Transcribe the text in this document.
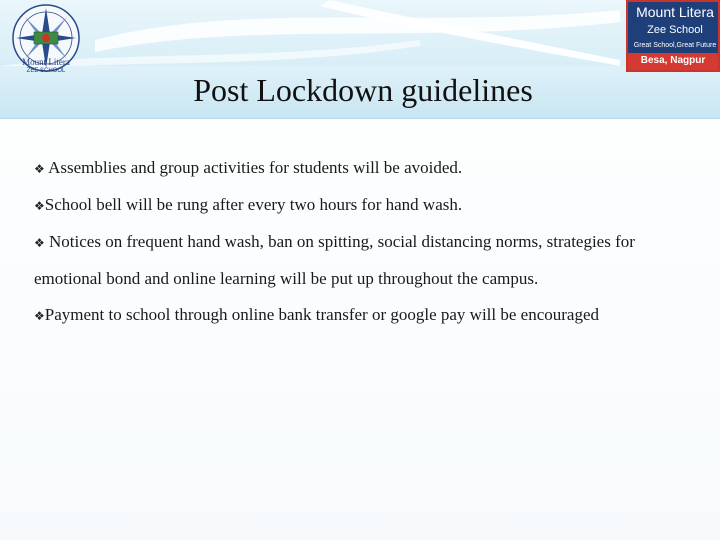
Mount Litera
ZEE SCHOOL
Mount Litera
Zee School
Great School,Great Future
Besa, Nagpur
Post Lockdown guidelines

❖ Assemblies and group activities for students will be avoided.

❖School bell will be rung after every two hours for hand wash.

❖ Notices on frequent hand wash, ban on spitting, social distancing norms, strategies for emotional bond and online learning will be put up throughout the campus.

❖Payment to school through online bank transfer or google pay will be encouraged
